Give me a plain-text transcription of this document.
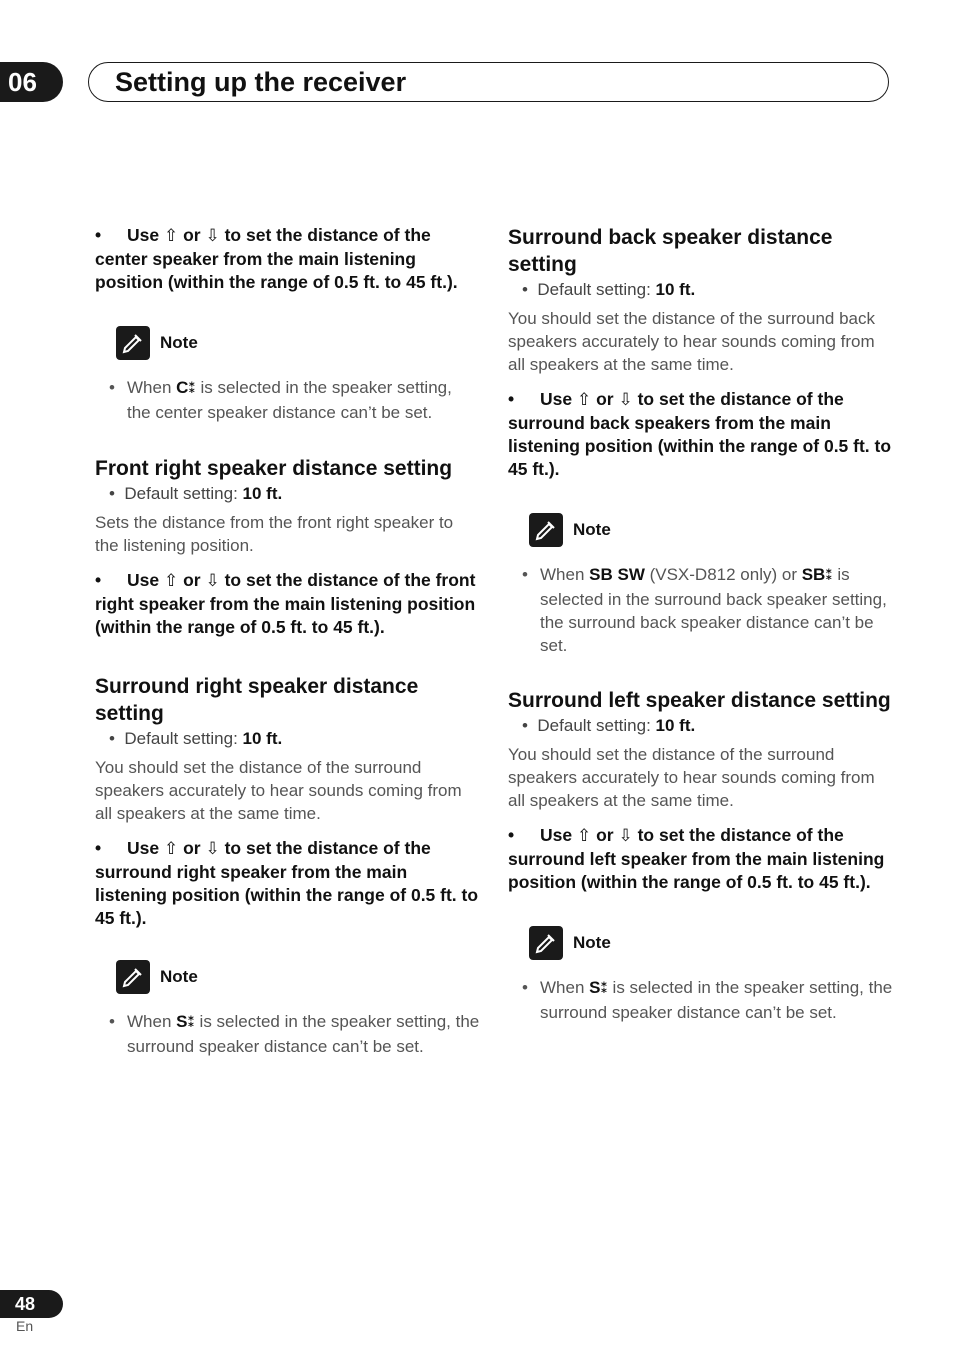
06	Setting up the receiver

• Use ⇧ or ⇩ to set the distance of the center speaker from the main listening position (within the range of 0.5 ft. to 45 ft.).

Note

• When C⁑ is selected in the speaker setting, the center speaker distance can’t be set.

Front right speaker distance setting

• Default setting: 10 ft.

Sets the distance from the front right speaker to the listening position.

• Use ⇧ or ⇩ to set the distance of the front right speaker from the main listening position (within the range of 0.5 ft. to 45 ft.).

Surround right speaker distance setting

• Default setting: 10 ft.

You should set the distance of the surround speakers accurately to hear sounds coming from all speakers at the same time.

• Use ⇧ or ⇩ to set the distance of the surround right speaker from the main listening position (within the range of 0.5 ft. to 45 ft.).

Note

• When S⁑ is selected in the speaker setting, the surround speaker distance can’t be set.

Surround back speaker distance setting

• Default setting: 10 ft.

You should set the distance of the surround back speakers accurately to hear sounds coming from all speakers at the same time.

• Use ⇧ or ⇩ to set the distance of the surround back speakers from the main listening position (within the range of 0.5 ft. to 45 ft.).

Note

• When SB SW (VSX-D812 only) or SB⁑ is selected in the surround back speaker setting, the surround back speaker distance can’t be set.

Surround left speaker distance setting

• Default setting: 10 ft.

You should set the distance of the surround speakers accurately to hear sounds coming from all speakers at the same time.

• Use ⇧ or ⇩ to set the distance of the surround left speaker from the main listening position (within the range of 0.5 ft. to 45 ft.).

Note

• When S⁑ is selected in the speaker setting, the surround speaker distance can’t be set.

48
En
